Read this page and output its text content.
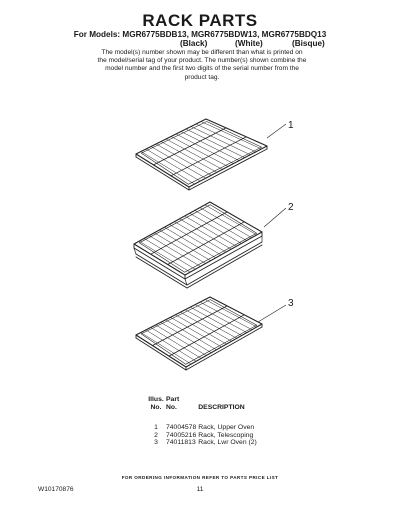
RACK PARTS
For Models: MGR6775BDB13, MGR6775BDW13, MGR6775BDQ13
(Black)	(White)	(Bisque)
The model(s) number shown may be different than what is printed on the model/serial tag of your product. The number(s) shown combine the model number and the first two digits of the serial number from the product tag.
1
2
3
Illus.	Part	
No.	No.	DESCRIPTION

1	74004578	Rack, Upper Oven
2	74005216	Rack, Telescoping
3	74011813	Rack, Lwr Oven (2)
FOR ORDERING INFORMATION REFER TO PARTS PRICE LIST
W10170876	11
